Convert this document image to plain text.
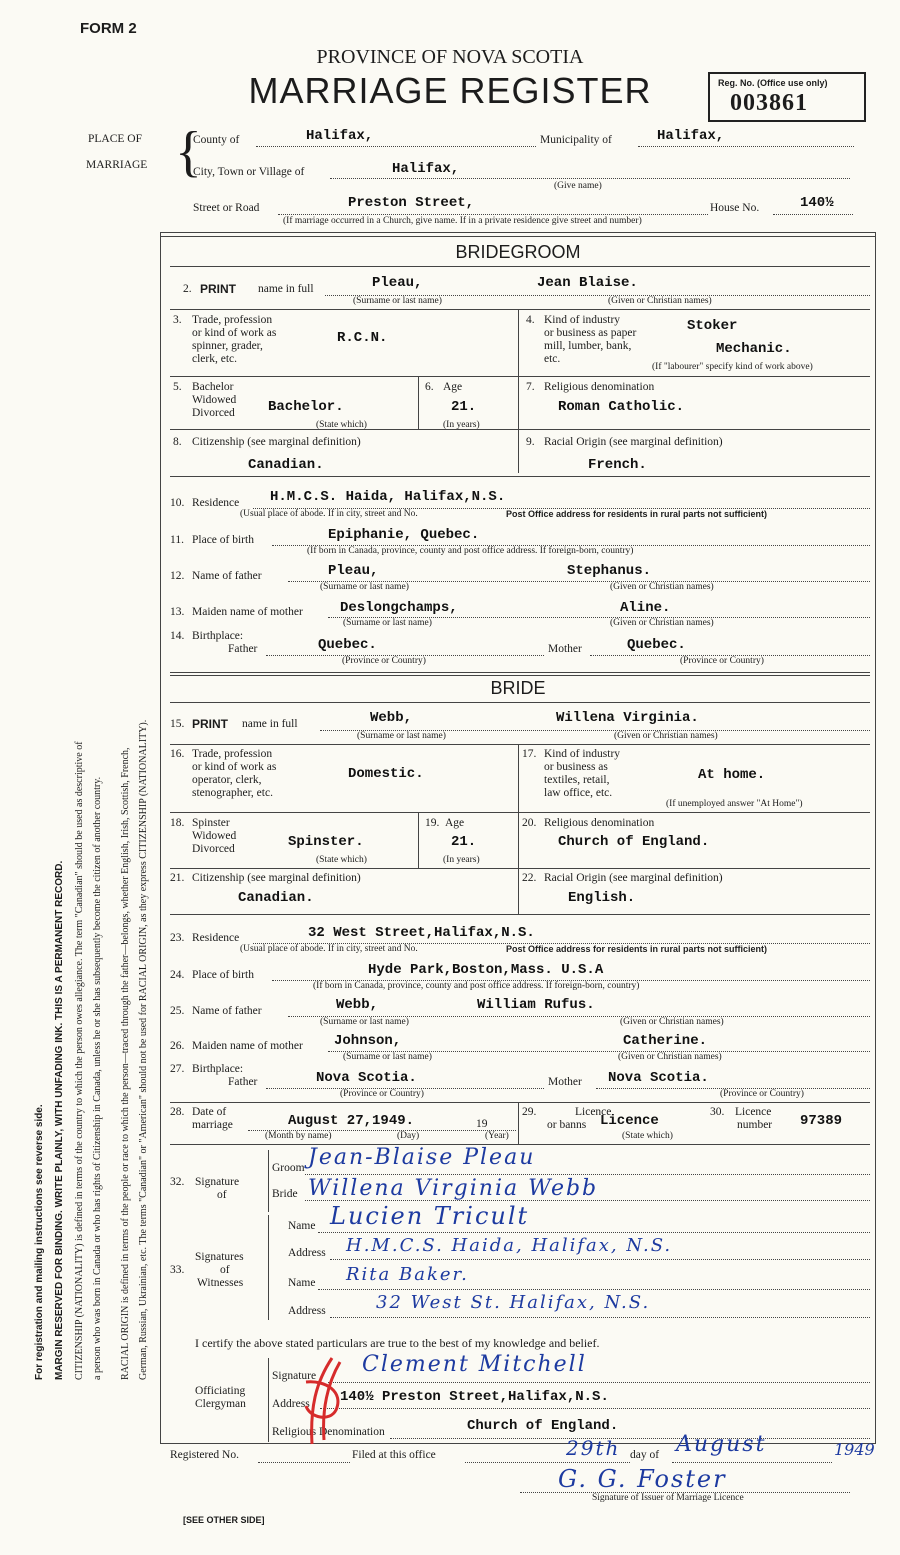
FORM 2
PROVINCE OF NOVA SCOTIA
MARRIAGE REGISTER	Reg. No. (Office use only)
003861
For registration and mailing instructions see reverse side. MARGIN RESERVED FOR BINDING. WRITE PLAINLY, WITH UNFADING INK. THIS IS A PERMANENT RECORD. CITIZENSHIP (NATIONALITY) is defined in terms of the country to which the person owes allegiance. The term "Canadian" should be used as descriptive of a person who was born in Canada or who has rights of Citizenship in Canada, unless he or she has subsequently become the citizen of another country.	RACIAL ORIGIN is defined in terms of the people or race to which the person—traced through the father—belongs, whether English, Irish, Scottish, French, German, Russian, Ukrainian, etc. The terms "Canadian" or "American" should not be used for RACIAL ORIGIN, as they express CITIZENSHIP (NATIONALITY).
PLACE OF
MARRIAGE {
County of	Halifax,	Municipality of	Halifax,
City, Town or Village of	Halifax,
(Give name)
Street or Road	Preston Street,	House No.	140½
(If marriage occurred in a Church, give name. If in a private residence give street and number)
BRIDEGROOM
2. PRINT name in full	Pleau,	Jean Blaise.
(Surname or last name)	(Given or Christian names)
3. Trade, profession
or kind of work as
spinner, grader,
clerk, etc.
R.C.N.
4. Kind of industry
or business as paper
mill, lumber, bank,
etc.
Stoker
Mechanic.
(If "labourer" specify kind of work above)
5. Bachelor
Widowed
Divorced Bachelor.
(State which)
6. Age
21.
(In years)
7. Religious denomination
Roman Catholic.
8. Citizenship (see marginal definition)
Canadian.
9. Racial Origin (see marginal definition)
French.
10. Residence H.M.C.S. Haida, Halifax,N.S.
(Usual place of abode. If in city, street and No.	Post Office address for residents in rural parts not sufficient)
11. Place of birth	Epiphanie, Quebec.
(If born in Canada, province, county and post office address. If foreign-born, country)
12. Name of father	Pleau,	Stephanus.
(Surname or last name)	(Given or Christian names)
13. Maiden name of mother	Deslongchamps,	Aline.
(Surname or last name)	(Given or Christian names)
14. Birthplace:
Father	Quebec.
(Province or Country)
Mother	Quebec.
(Province or Country)
BRIDE
15. PRINT name in full	Webb,	Willena Virginia.
(Surname or last name)	(Given or Christian names)
16. Trade, profession
or kind of work as
operator, clerk,
stenographer, etc.
Domestic.
17. Kind of industry
or business as
textiles, retail,
law office, etc.
At home.
(If unemployed answer "At Home")
18. Spinster
Widowed
Divorced	Spinster.
(State which)
19. Age
21.
(In years)
20. Religious denomination
Church of England.
21. Citizenship (see marginal definition)
Canadian.
22. Racial Origin (see marginal definition)
English.
23. Residence	32 West Street,Halifax,N.S.
(Usual place of abode. If in city, street and No.	Post Office address for residents in rural parts not sufficient)
24. Place of birth	Hyde Park,Boston,Mass. U.S.A
(If born in Canada, province, county and post office address. If foreign-born, country)
25. Name of father	Webb,	William Rufus.
(Surname or last name)	(Given or Christian names)
26. Maiden name of mother Johnson,	Catherine.
(Surname or last name)	(Given or Christian names)
27. Birthplace:
Father	Nova Scotia.
(Province or Country)
Mother Nova Scotia.
(Province or Country)
28. Date of
marriage	August 27,1949.	19
(Month by name)	(Day)	(Year)
29.	Licence
or banns Licence
(State which)
30. Licence
number 97389
32. Signature
of
Groom Jean-Blaise Pleau
Bride Willena Virginia Webb
33.
Signatures
of
Witnesses
Name Lucien Tricult
Address H.M.C.S. Haida, Halifax, N.S.
Name Rita Baker.
Address	32 West St. Halifax, N.S.
I certify the above stated particulars are true to the best of my knowledge and belief.
Officiating
Clergyman
Signature Clement Mitchell
Address 140½ Preston Street,Halifax,N.S.
Religious Denomination	Church of England.
Registered No.	Filed at this office	29th day of August	1949
G. G. Foster
Signature of Issuer of Marriage Licence
[SEE OTHER SIDE]
